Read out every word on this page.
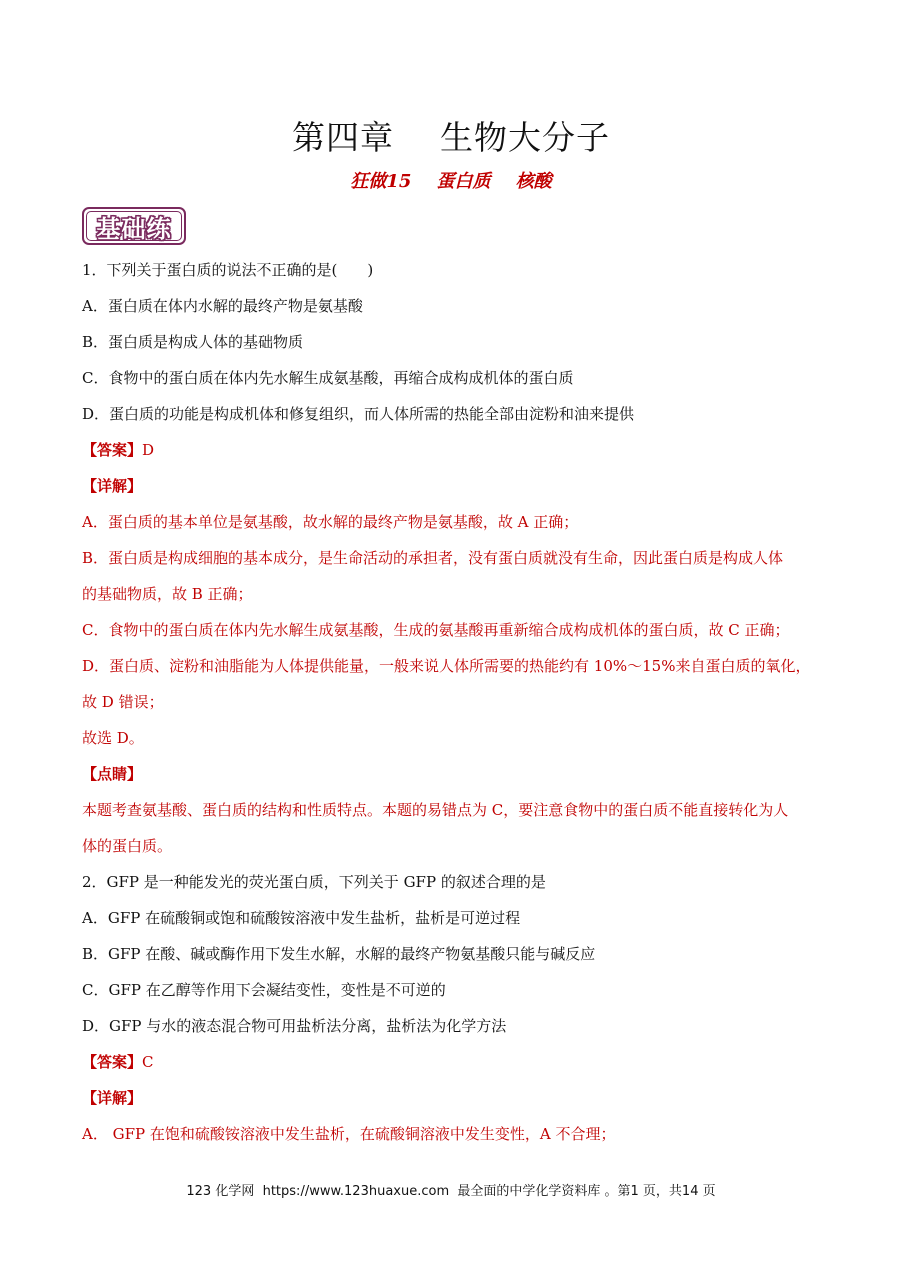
第四章    生物大分子
狂做15    蛋白质    核酸
基础练
1．下列关于蛋白质的说法不正确的是(　　)
A．蛋白质在体内水解的最终产物是氨基酸
B．蛋白质是构成人体的基础物质
C．食物中的蛋白质在体内先水解生成氨基酸，再缩合成构成机体的蛋白质
D．蛋白质的功能是构成机体和修复组织，而人体所需的热能全部由淀粉和油来提供
【答案】D
【详解】
A．蛋白质的基本单位是氨基酸，故水解的最终产物是氨基酸，故 A 正确；
B．蛋白质是构成细胞的基本成分，是生命活动的承担者，没有蛋白质就没有生命，因此蛋白质是构成人体
的基础物质，故 B 正确；
C．食物中的蛋白质在体内先水解生成氨基酸，生成的氨基酸再重新缩合成构成机体的蛋白质，故 C 正确；
D．蛋白质、淀粉和油脂能为人体提供能量，一般来说人体所需要的热能约有 10%～15%来自蛋白质的氧化，
故 D 错误；
故选 D。
【点睛】
本题考查氨基酸、蛋白质的结构和性质特点。本题的易错点为 C，要注意食物中的蛋白质不能直接转化为人
体的蛋白质。
2．GFP 是一种能发光的荧光蛋白质，下列关于 GFP 的叙述合理的是
A．GFP 在硫酸铜或饱和硫酸铵溶液中发生盐析，盐析是可逆过程
B．GFP 在酸、碱或酶作用下发生水解，水解的最终产物氨基酸只能与碱反应
C．GFP 在乙醇等作用下会凝结变性，变性是不可逆的
D．GFP 与水的液态混合物可用盐析法分离，盐析法为化学方法
【答案】C
【详解】
A． GFP 在饱和硫酸铵溶液中发生盐析，在硫酸铜溶液中发生变性，A 不合理；
123 化学网  https://www.123huaxue.com  最全面的中学化学资料库 。第1 页，共14 页
